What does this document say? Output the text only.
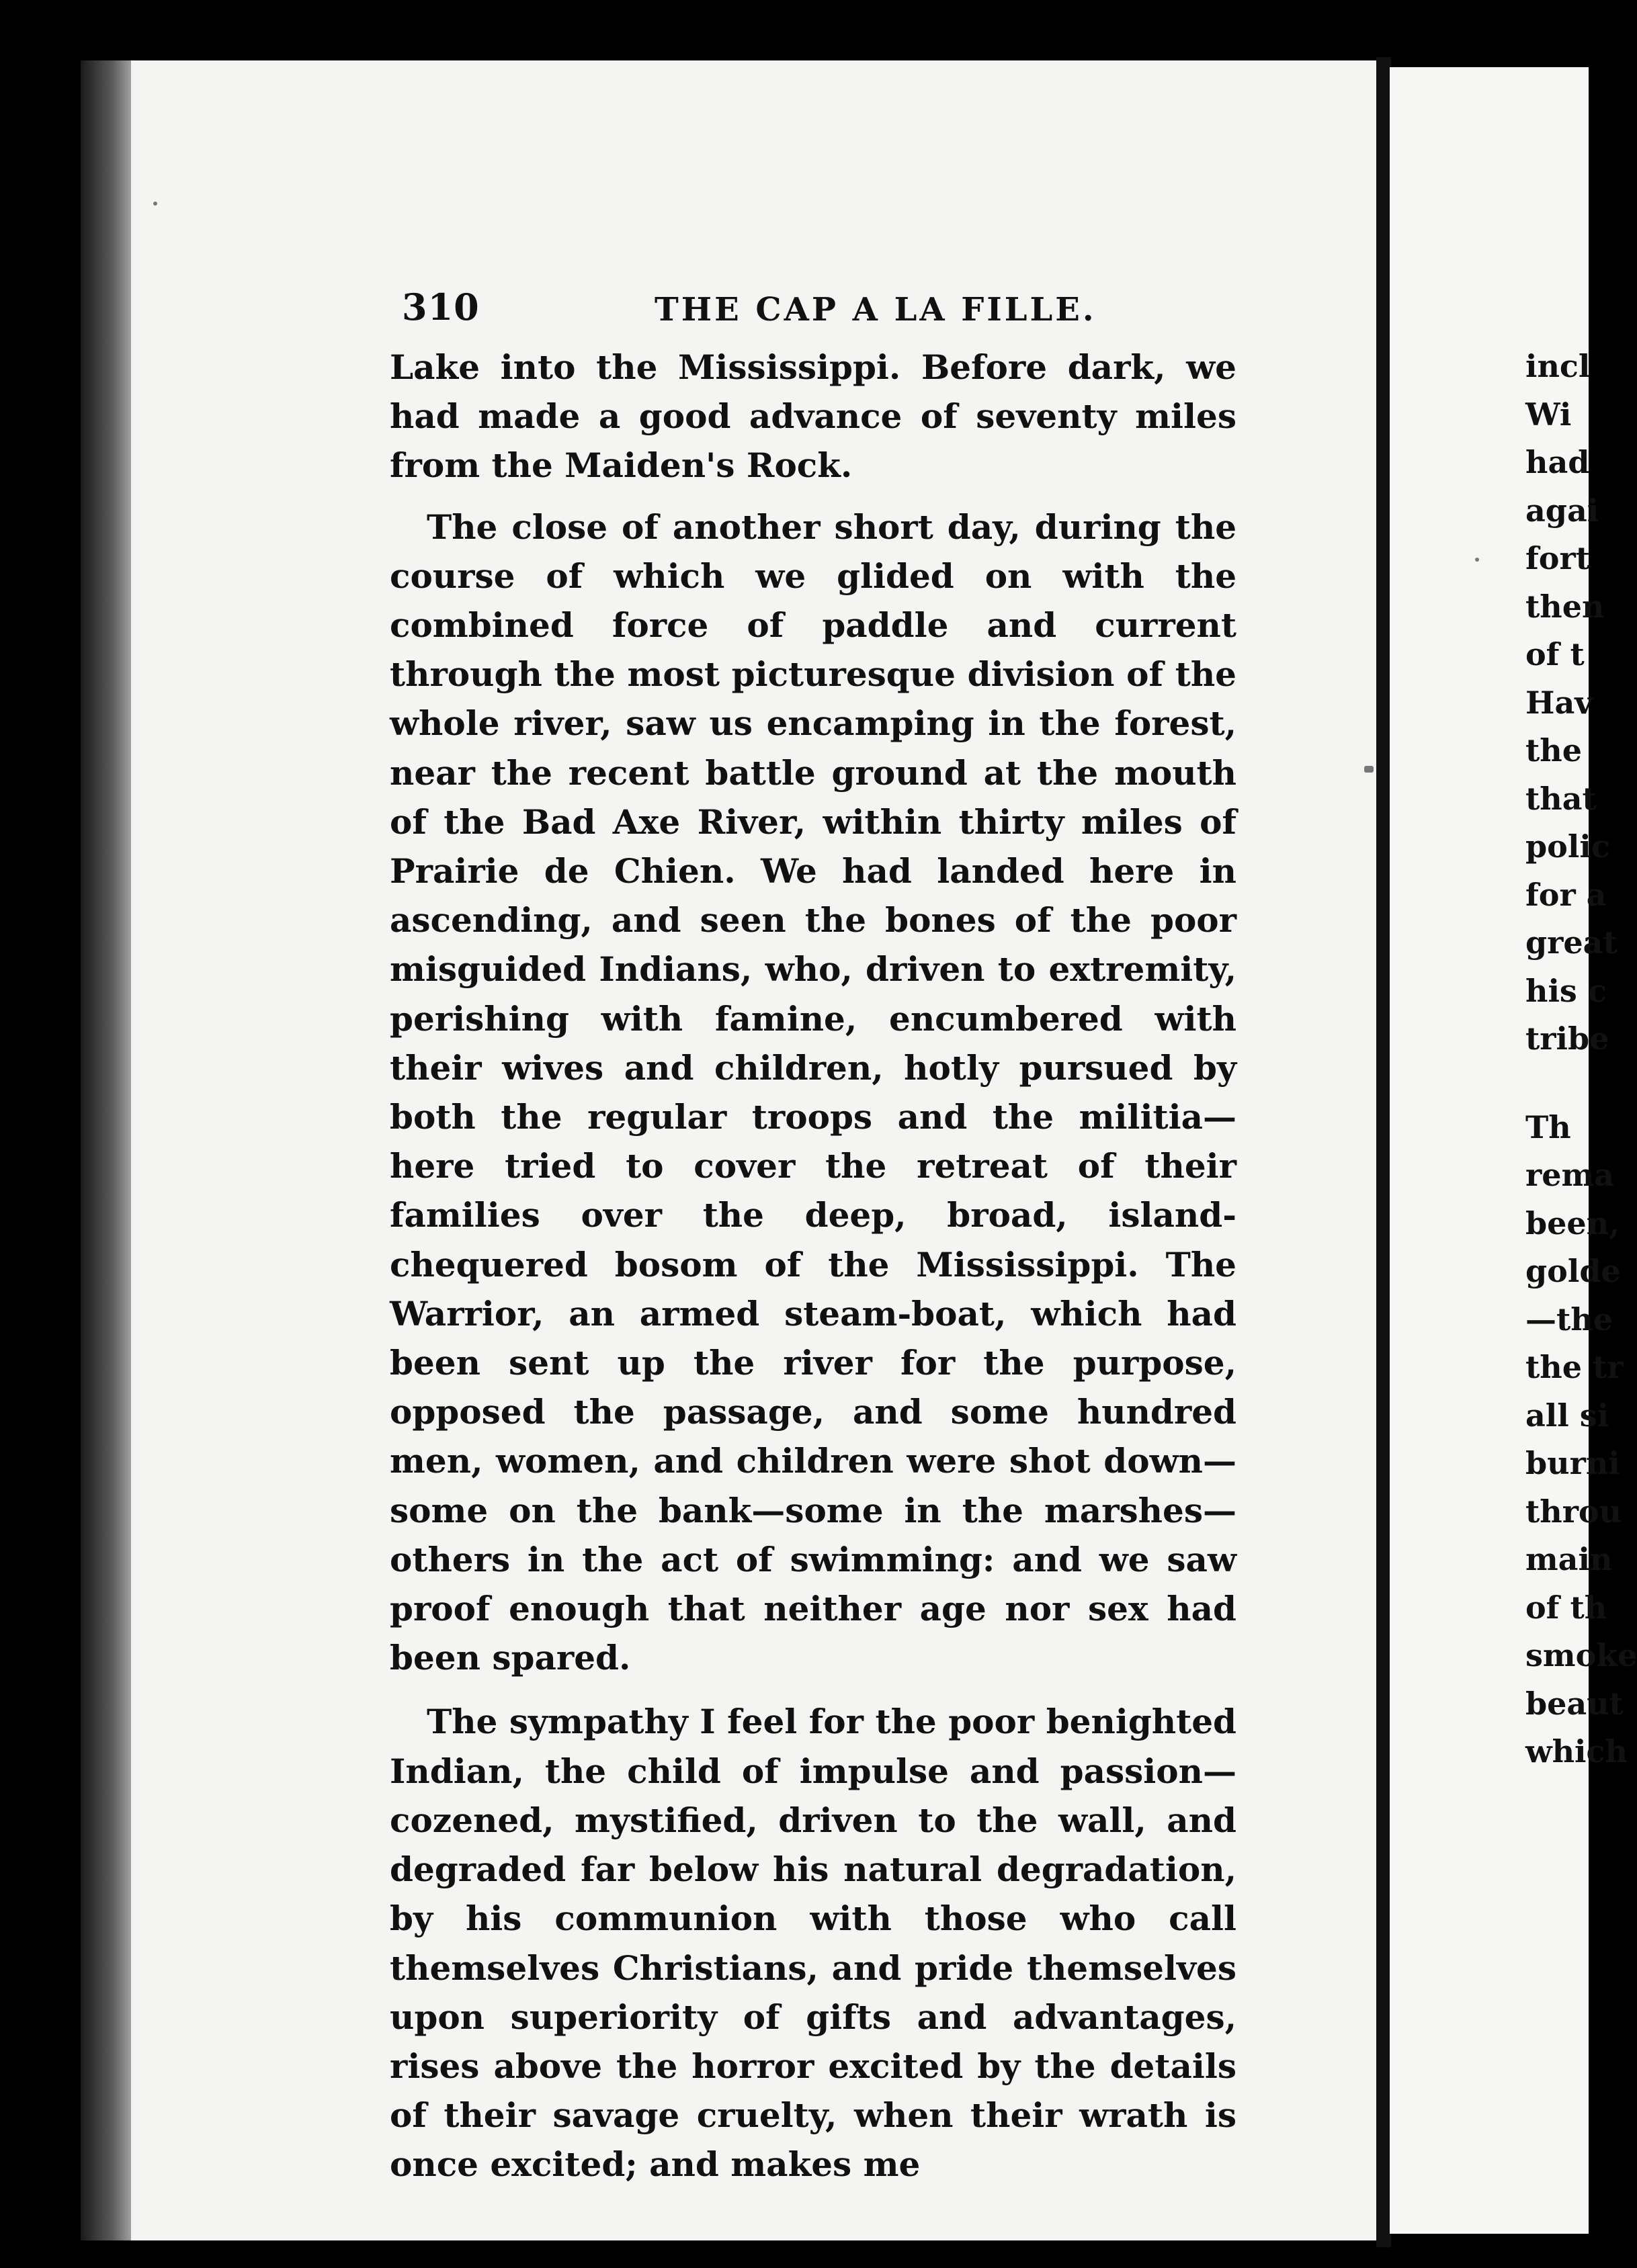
310	THE CAP A LA FILLE.

Lake into the Mississippi. Before dark, we had made a good advance of seventy miles from the Maiden's Rock.

The close of another short day, during the course of which we glided on with the combined force of paddle and current through the most picturesque division of the whole river, saw us encamping in the forest, near the recent battle ground at the mouth of the Bad Axe River, within thirty miles of Prairie de Chien. We had landed here in ascending, and seen the bones of the poor misguided Indians, who, driven to extremity, perishing with famine, encumbered with their wives and children, hotly pursued by both the regular troops and the militia—here tried to cover the retreat of their families over the deep, broad, island-chequered bosom of the Mississippi. The Warrior, an armed steam-boat, which had been sent up the river for the purpose, opposed the passage, and some hundred men, women, and children were shot down—some on the bank—some in the marshes—others in the act of swimming: and we saw proof enough that neither age nor sex had been spared.

The sympathy I feel for the poor benighted Indian, the child of impulse and passion—cozened, mystified, driven to the wall, and degraded far below his natural degradation, by his communion with those who call themselves Christians, and pride themselves upon superiority of gifts and advantages, rises above the horror excited by the details of their savage cruelty, when their wrath is once excited; and makes me

incl
Wi
had
agai
fort
then
of t
Hav
the
that
polic
for a
great
his c
tribe
Th
rema
been,
golde
—the
the tr
all si
burni
throu
main
of th
smoke
beaut
which
